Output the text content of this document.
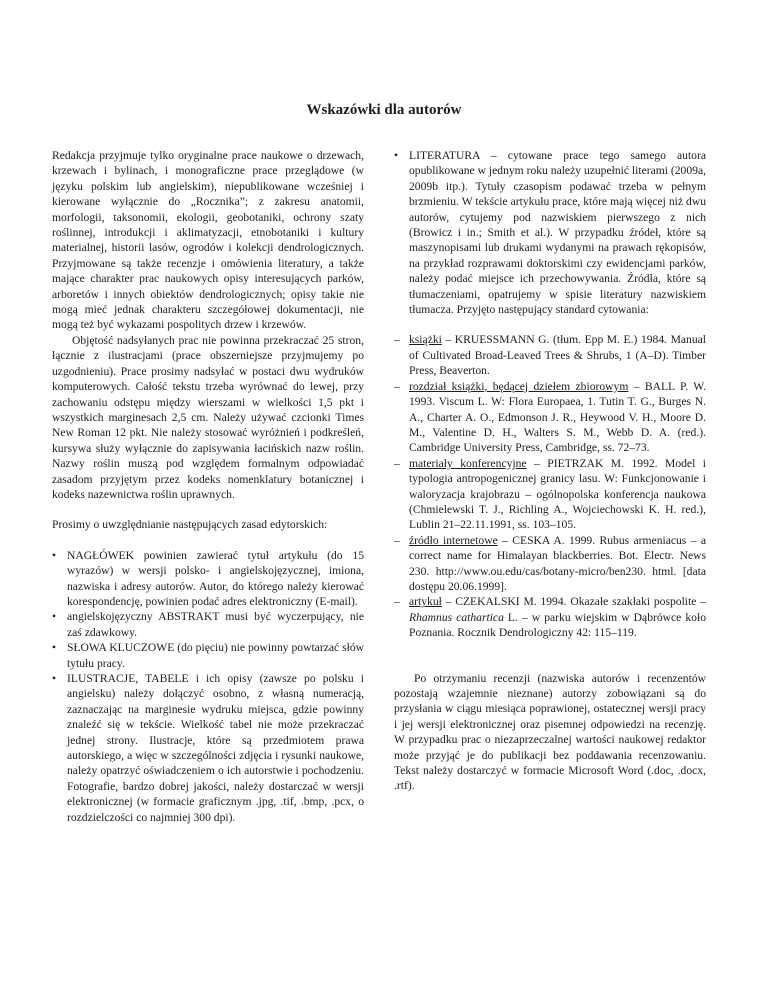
Wskazówki dla autorów

Redakcja przyjmuje tylko oryginalne prace naukowe o drzewach, krzewach i bylinach, i monograficzne prace przeglądowe (w języku polskim lub angielskim), niepublikowane wcześniej i kierowane wyłącznie do „Rocznika”; z zakresu anatomii, morfologii, taksonomii, ekologii, geobotaniki, ochrony szaty roślinnej, introdukcji i aklimatyzacji, etnobotaniki i kultury materialnej, historii lasów, ogrodów i kolekcji dendrologicznych. Przyjmowane są także recenzje i omówienia literatury, a także mające charakter prac naukowych opisy interesujących parków, arboretów i innych obiektów dendrologicznych; opisy takie nie mogą mieć jednak charakteru szczegółowej dokumentacji, nie mogą też być wykazami pospolitych drzew i krzewów.

Objętość nadsyłanych prac nie powinna przekraczać 25 stron, łącznie z ilustracjami (prace obszerniejsze przyjmujemy po uzgodnieniu). Prace prosimy nadsyłać w postaci dwu wydruków komputerowych. Całość tekstu trzeba wyrównać do lewej, przy zachowaniu odstępu między wierszami w wielkości 1,5 pkt i wszystkich marginesach 2,5 cm. Należy używać czcionki Times New Roman 12 pkt. Nie należy stosować wyróżnień i podkreśleń, kursywa służy wyłącznie do zapisywania łacińskich nazw roślin. Nazwy roślin muszą pod względem formalnym odpowiadać zasadom przyjętym przez kodeks nomenklatury botanicznej i kodeks nazewnictwa roślin uprawnych.

Prosimy o uwzględnianie następujących zasad edytorskich:

• NAGŁÓWEK powinien zawierać tytuł artykułu (do 15 wyrazów) w wersji polsko- i angielskojęzycznej, imiona, nazwiska i adresy autorów. Autor, do którego należy kierować korespondencję, powinien podać adres elektroniczny (E-mail).
• angielskojęzyczny ABSTRAKT musi być wyczerpujący, nie zaś zdawkowy.
• SŁOWA KLUCZOWE (do pięciu) nie powinny powtarzać słów tytułu pracy.
• ILUSTRACJE, TABELE i ich opisy (zawsze po polsku i angielsku) należy dołączyć osobno, z własną numeracją, zaznaczając na marginesie wydruku miejsca, gdzie powinny znaleźć się w tekście. Wielkość tabel nie może przekraczać jednej strony. Ilustracje, które są przedmiotem prawa autorskiego, a więc w szczególności zdjęcia i rysunki naukowe, należy opatrzyć oświadczeniem o ich autorstwie i pochodzeniu. Fotografie, bardzo dobrej jakości, należy dostarczać w wersji elektronicznej (w formacie graficznym .jpg, .tif, .bmp, .pcx, o rozdzielczości co najmniej 300 dpi).
• LITERATURA – cytowane prace tego samego autora opublikowane w jednym roku należy uzupełnić literami (2009a, 2009b itp.). Tytuły czasopism podawać trzeba w pełnym brzmieniu. W tekście artykułu prace, które mają więcej niż dwu autorów, cytujemy pod nazwiskiem pierwszego z nich (Browicz i in.; Smith et al.). W przypadku źródeł, które są maszynopisami lub drukami wydanymi na prawach rękopisów, na przykład rozprawami doktorskimi czy ewidencjami parków, należy podać miejsce ich przechowywania. Źródła, które są tłumaczeniami, opatrujemy w spisie literatury nazwiskiem tłumacza. Przyjęto następujący standard cytowania:
– książki – KRUESSMANN G. (tłum. Epp M. E.) 1984. Manual of Cultivated Broad-Leaved Trees & Shrubs, 1 (A–D). Timber Press, Beaverton.
– rozdział książki, będącej dziełem zbiorowym – BALL P. W. 1993. Viscum L. W: Flora Europaea, 1. Tutin T. G., Burges N. A., Charter A. O., Edmonson J. R., Heywood V. H., Moore D. M., Valentine D. H., Walters S. M., Webb D. A. (red.). Cambridge University Press, Cambridge, ss. 72–73.
– materiały konferencyjne – PIETRZAK M. 1992. Model i typologia antropogenicznej granicy lasu. W: Funkcjonowanie i waloryzacja krajobrazu – ogólnopolska konferencja naukowa (Chmielewski T. J., Richling A., Wojciechowski K. H. red.), Lublin 21–22.11.1991, ss. 103–105.
– źródło internetowe – CESKA A. 1999. Rubus armeniacus – a correct name for Himalayan blackberries. Bot. Electr. News 230. http://www.ou.edu/cas/botany-micro/ben230. html. [data dostępu 20.06.1999].
– artykuł – CZEKALSKI M. 1994. Okazałe szakłaki pospolite – Rhamnus cathartica L. – w parku wiejskim w Dąbrówce koło Poznania. Rocznik Dendrologiczny 42: 115–119.

Po otrzymaniu recenzji (nazwiska autorów i recenzentów pozostają wzajemnie nieznane) autorzy zobowiązani są do przysłania w ciągu miesiąca poprawionej, ostatecznej wersji pracy i jej wersji elektronicznej oraz pisemnej odpowiedzi na recenzję. W przypadku prac o niezaprzeczalnej wartości naukowej redaktor może przyjąć je do publikacji bez poddawania recenzowaniu. Tekst należy dostarczyć w formacie Microsoft Word (.doc, .docx, .rtf).
